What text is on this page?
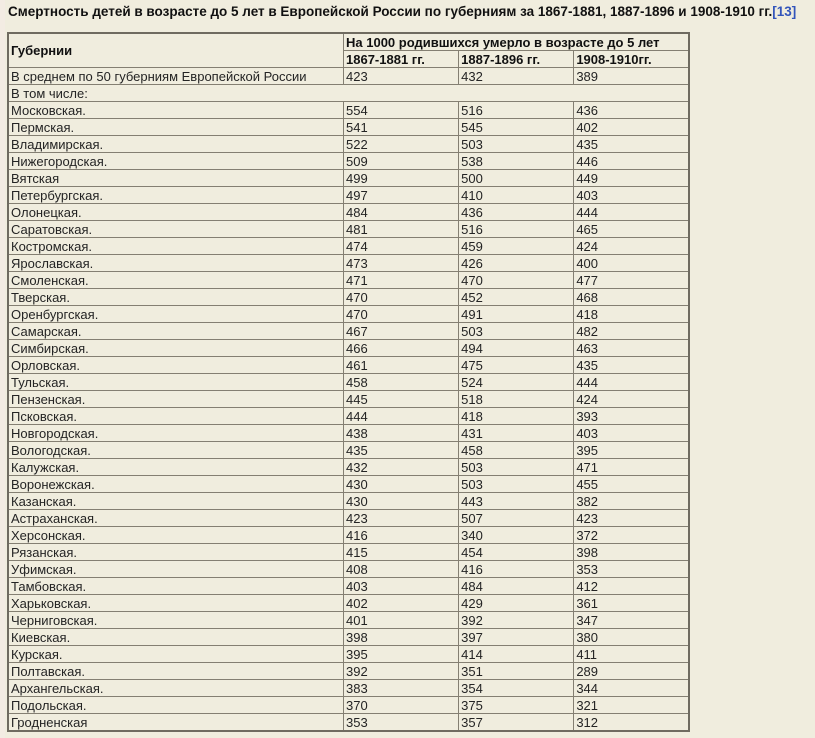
Смертность детей в возрасте до 5 лет в Европейской России по губерниям за 1867-1881, 1887-1896 и 1908-1910 гг.[13]

Губернии	На 1000 родившихся умерло в возрасте до 5 лет		
	1867-1881 гг.	1887-1896 гг.	1908-1910гг.
В среднем по 50 губерниям Европейской России	423	432	389
В том числе:			
Московская.	554	516	436
Пермская.	541	545	402
Владимирская.	522	503	435
Нижегородская.	509	538	446
Вятская	499	500	449
Петербургская.	497	410	403
Олонецкая.	484	436	444
Саратовская.	481	516	465
Костромская.	474	459	424
Ярославская.	473	426	400
Смоленская.	471	470	477
Тверская.	470	452	468
Оренбургская.	470	491	418
Самарская.	467	503	482
Симбирская.	466	494	463
Орловская.	461	475	435
Тульская.	458	524	444
Пензенская.	445	518	424
Псковская.	444	418	393
Новгородская.	438	431	403
Вологодская.	435	458	395
Калужская.	432	503	471
Воронежская.	430	503	455
Казанская.	430	443	382
Астраханская.	423	507	423
Херсонская.	416	340	372
Рязанская.	415	454	398
Уфимская.	408	416	353
Тамбовская.	403	484	412
Харьковская.	402	429	361
Черниговская.	401	392	347
Киевская.	398	397	380
Курская.	395	414	411
Полтавская.	392	351	289
Архангельская.	383	354	344
Подольская.	370	375	321
Гродненская	353	357	312
